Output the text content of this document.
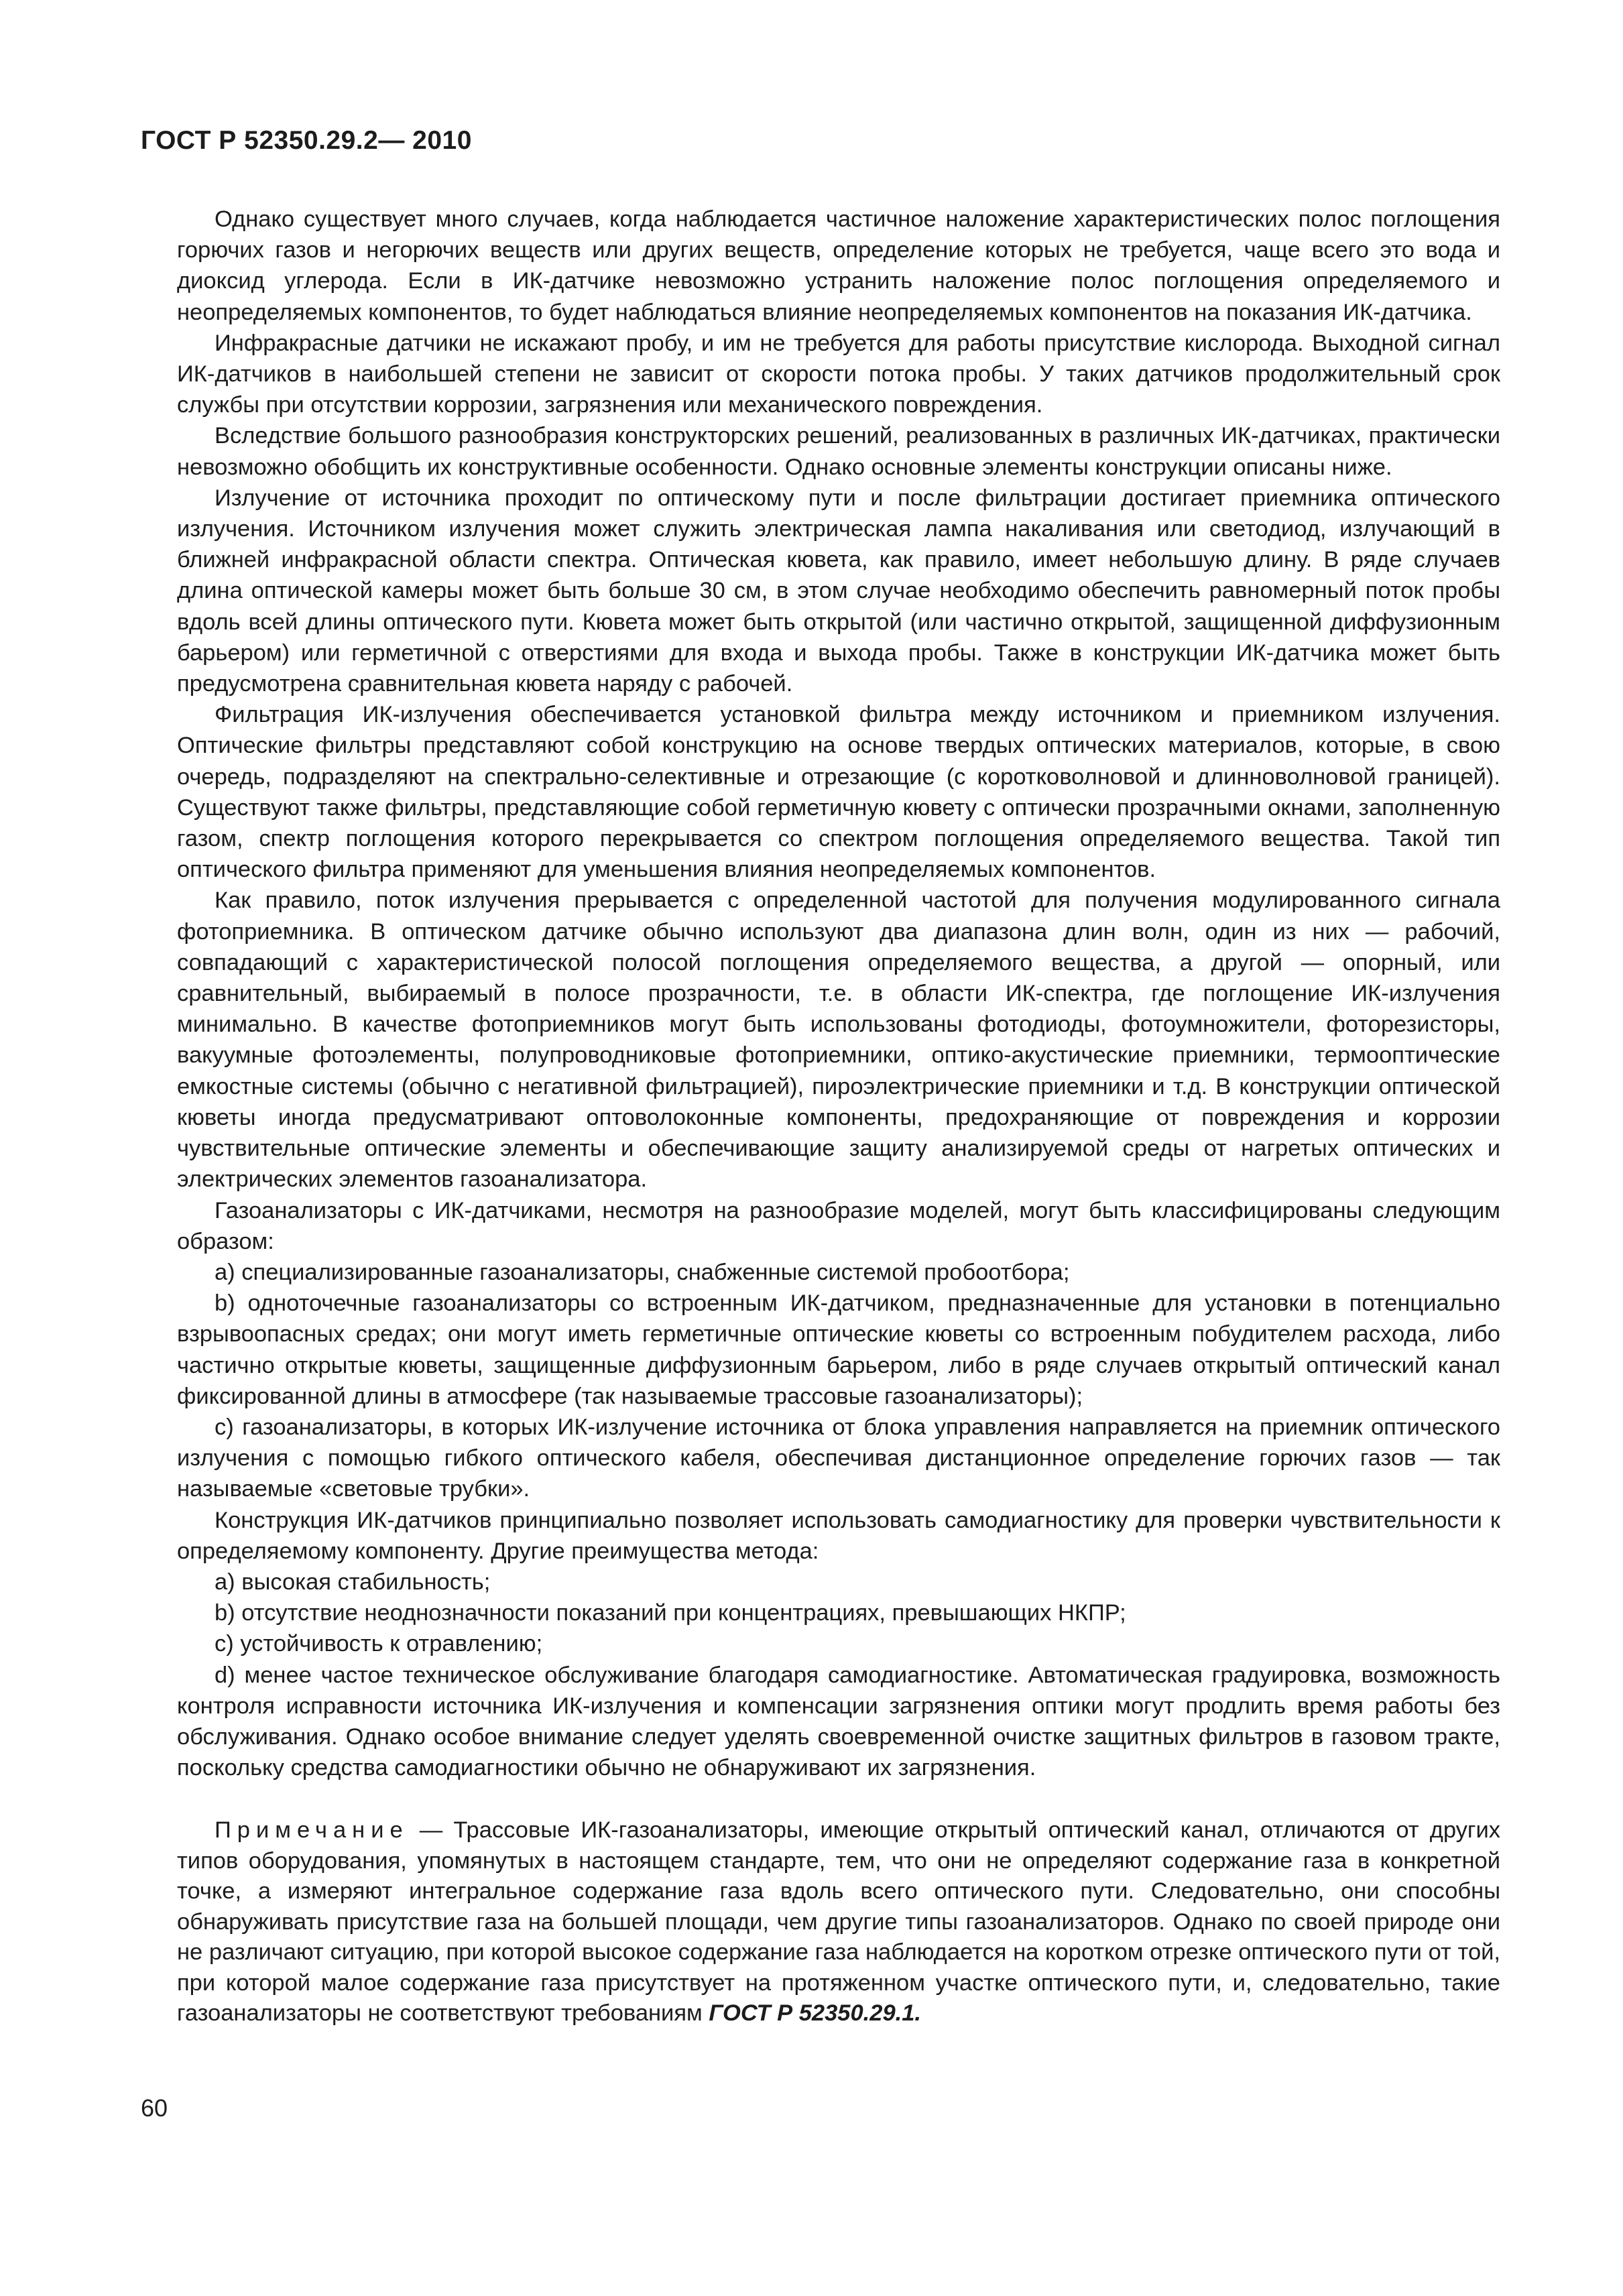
ГОСТ Р 52350.29.2— 2010

Однако существует много случаев, когда наблюдается частичное наложение характеристических полос поглощения горючих газов и негорючих веществ или других веществ, определение которых не требуется, чаще всего это вода и диоксид углерода. Если в ИК-датчике невозможно устранить наложение полос поглощения определяемого и неопределяемых компонентов, то будет наблюдаться влияние неопределяемых компонентов на показания ИК-датчика.

Инфракрасные датчики не искажают пробу, и им не требуется для работы присутствие кислорода. Выходной сигнал ИК-датчиков в наибольшей степени не зависит от скорости потока пробы. У таких датчиков продолжительный срок службы при отсутствии коррозии, загрязнения или механического повреждения.

Вследствие большого разнообразия конструкторских решений, реализованных в различных ИК-датчиках, практически невозможно обобщить их конструктивные особенности. Однако основные элементы конструкции описаны ниже.

Излучение от источника проходит по оптическому пути и после фильтрации достигает приемника оптического излучения. Источником излучения может служить электрическая лампа накаливания или светодиод, излучающий в ближней инфракрасной области спектра. Оптическая кювета, как правило, имеет небольшую длину. В ряде случаев длина оптической камеры может быть больше 30 см, в этом случае необходимо обеспечить равномерный поток пробы вдоль всей длины оптического пути. Кювета может быть открытой (или частично открытой, защищенной диффузионным барьером) или герметичной с отверстиями для входа и выхода пробы. Также в конструкции ИК-датчика может быть предусмотрена сравнительная кювета наряду с рабочей.

Фильтрация ИК-излучения обеспечивается установкой фильтра между источником и приемником излучения. Оптические фильтры представляют собой конструкцию на основе твердых оптических материалов, которые, в свою очередь, подразделяют на спектрально-селективные и отрезающие (с коротковолновой и длинноволновой границей). Существуют также фильтры, представляющие собой герметичную кювету с оптически прозрачными окнами, заполненную газом, спектр поглощения которого перекрывается со спектром поглощения определяемого вещества. Такой тип оптического фильтра применяют для уменьшения влияния неопределяемых компонентов.

Как правило, поток излучения прерывается с определенной частотой для получения модулированного сигнала фотоприемника. В оптическом датчике обычно используют два диапазона длин волн, один из них — рабочий, совпадающий с характеристической полосой поглощения определяемого вещества, а другой — опорный, или сравнительный, выбираемый в полосе прозрачности, т.е. в области ИК-спектра, где поглощение ИК-излучения минимально. В качестве фотоприемников могут быть использованы фотодиоды, фотоумножители, фоторезисторы, вакуумные фотоэлементы, полупроводниковые фотоприемники, оптико-акустические приемники, термооптические емкостные системы (обычно с негативной фильтрацией), пироэлектрические приемники и т.д. В конструкции оптической кюветы иногда предусматривают оптоволоконные компоненты, предохраняющие от повреждения и коррозии чувствительные оптические элементы и обеспечивающие защиту анализируемой среды от нагретых оптических и электрических элементов газоанализатора.

Газоанализаторы с ИК-датчиками, несмотря на разнообразие моделей, могут быть классифицированы следующим образом:

a) специализированные газоанализаторы, снабженные системой пробоотбора;

b) одноточечные газоанализаторы со встроенным ИК-датчиком, предназначенные для установки в потенциально взрывоопасных средах; они могут иметь герметичные оптические кюветы со встроенным побудителем расхода, либо частично открытые кюветы, защищенные диффузионным барьером, либо в ряде случаев открытый оптический канал фиксированной длины в атмосфере (так называемые трассовые газоанализаторы);

c) газоанализаторы, в которых ИК-излучение источника от блока управления направляется на приемник оптического излучения с помощью гибкого оптического кабеля, обеспечивая дистанционное определение горючих газов — так называемые «световые трубки».

Конструкция ИК-датчиков принципиально позволяет использовать самодиагностику для проверки чувствительности к определяемому компоненту. Другие преимущества метода:

a) высокая стабильность;

b) отсутствие неоднозначности показаний при концентрациях, превышающих НКПР;

c) устойчивость к отравлению;

d) менее частое техническое обслуживание благодаря самодиагностике. Автоматическая градуировка, возможность контроля исправности источника ИК-излучения и компенсации загрязнения оптики могут продлить время работы без обслуживания. Однако особое внимание следует уделять своевременной очистке защитных фильтров в газовом тракте, поскольку средства самодиагностики обычно не обнаруживают их загрязнения.

Примечание — Трассовые ИК-газоанализаторы, имеющие открытый оптический канал, отличаются от других типов оборудования, упомянутых в настоящем стандарте, тем, что они не определяют содержание газа в конкретной точке, а измеряют интегральное содержание газа вдоль всего оптического пути. Следовательно, они способны обнаруживать присутствие газа на большей площади, чем другие типы газоанализаторов. Однако по своей природе они не различают ситуацию, при которой высокое содержание газа наблюдается на коротком отрезке оптического пути от той, при которой малое содержание газа присутствует на протяженном участке оптического пути, и, следовательно, такие газоанализаторы не соответствуют требованиям ГОСТ Р 52350.29.1.

60
